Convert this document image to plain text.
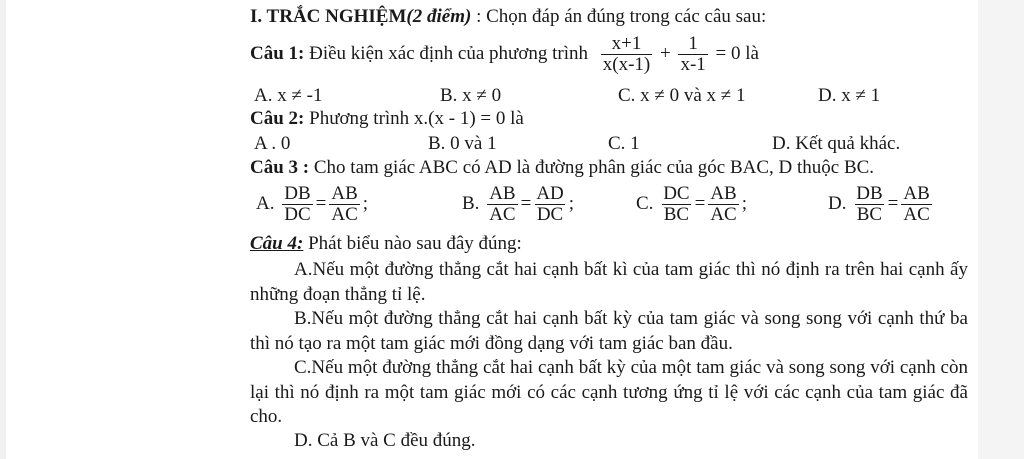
I. TRẮC NGHIỆM(2 điểm) : Chọn đáp án đúng trong các câu sau:
Câu 1: Điều kiện xác định của phương trình $\frac{x+1}{x(x-1)} + \frac{1}{x-1} = 0$ là
A. x ≠ -1	B. x ≠ 0	C. x ≠ 0 và x ≠ 1	D. x ≠ 1
Câu 2: Phương trình x.(x - 1) = 0 là
A . 0	B. 0 và 1	C. 1	D. Kết quả khác.
Câu 3 : Cho tam giác ABC có AD là đường phân giác của góc BAC, D thuộc BC.
A. $\frac{DB}{DC} = \frac{AB}{AC}$ ;	B. $\frac{AB}{AC} = \frac{AD}{DC}$ ;	C. $\frac{DC}{BC} = \frac{AB}{AC}$ ;	D. $\frac{DB}{BC} = \frac{AB}{AC}$
Câu 4: Phát biểu nào sau đây đúng:
A.Nếu một đường thẳng cắt hai cạnh bất kì của tam giác thì nó định ra trên hai cạnh ấy những đoạn thẳng tỉ lệ.
B.Nếu một đường thẳng cắt hai cạnh bất kỳ của tam giác và song song với cạnh thứ ba thì nó tạo ra một tam giác mới đồng dạng với tam giác ban đầu.
C.Nếu một đường thẳng cắt hai cạnh bất kỳ của một tam giác và song song với cạnh còn lại thì nó định ra một tam giác mới có các cạnh tương ứng tỉ lệ với các cạnh của tam giác đã cho.
D. Cả B và C đều đúng.
